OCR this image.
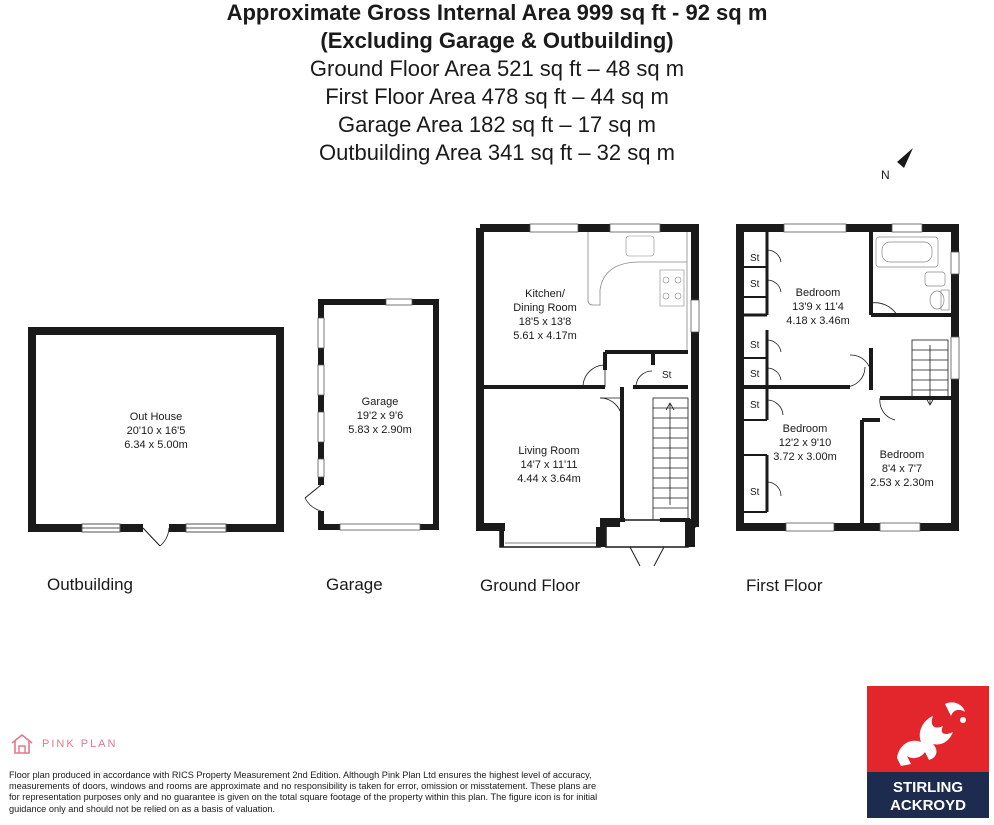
Approximate Gross Internal Area 999 sq ft - 92 sq m
(Excluding Garage & Outbuilding)
Ground Floor Area 521 sq ft – 48 sq m
First Floor Area 478 sq ft – 44 sq m
Garage Area 182 sq ft – 17 sq m
Outbuilding Area 341 sq ft – 32 sq m
N
Out House
20'10 x 16'5
6.34 x 5.00m
Outbuilding
Garage
19'2 x 9'6
5.83 x 2.90m
Garage
Kitchen/
Dining Room
18'5 x 13'8
5.61 x 4.17m
St
Living Room
14'7 x 11'11
4.44 x 3.64m
Ground Floor
St
St
St
St
St
St
Bedroom
13'9 x 11'4
4.18 x 3.46m
Bedroom
12'2 x 9'10
3.72 x 3.00m	Bedroom
8'4 x 7'7
2.53 x 2.30m
First Floor
PINK PLAN
Floor plan produced in accordance with RICS Property Measurement 2nd Edition. Although Pink Plan Ltd ensures the highest level of accuracy, measurements of doors, windows and rooms are approximate and no responsibility is taken for error, omission or misstatement. These plans are for representation purposes only and no guarantee is given on the total square footage of the property within this plan. The figure icon is for initial guidance only and should not be relied on as a basis of valuation.
STIRLING
ACKROYD
